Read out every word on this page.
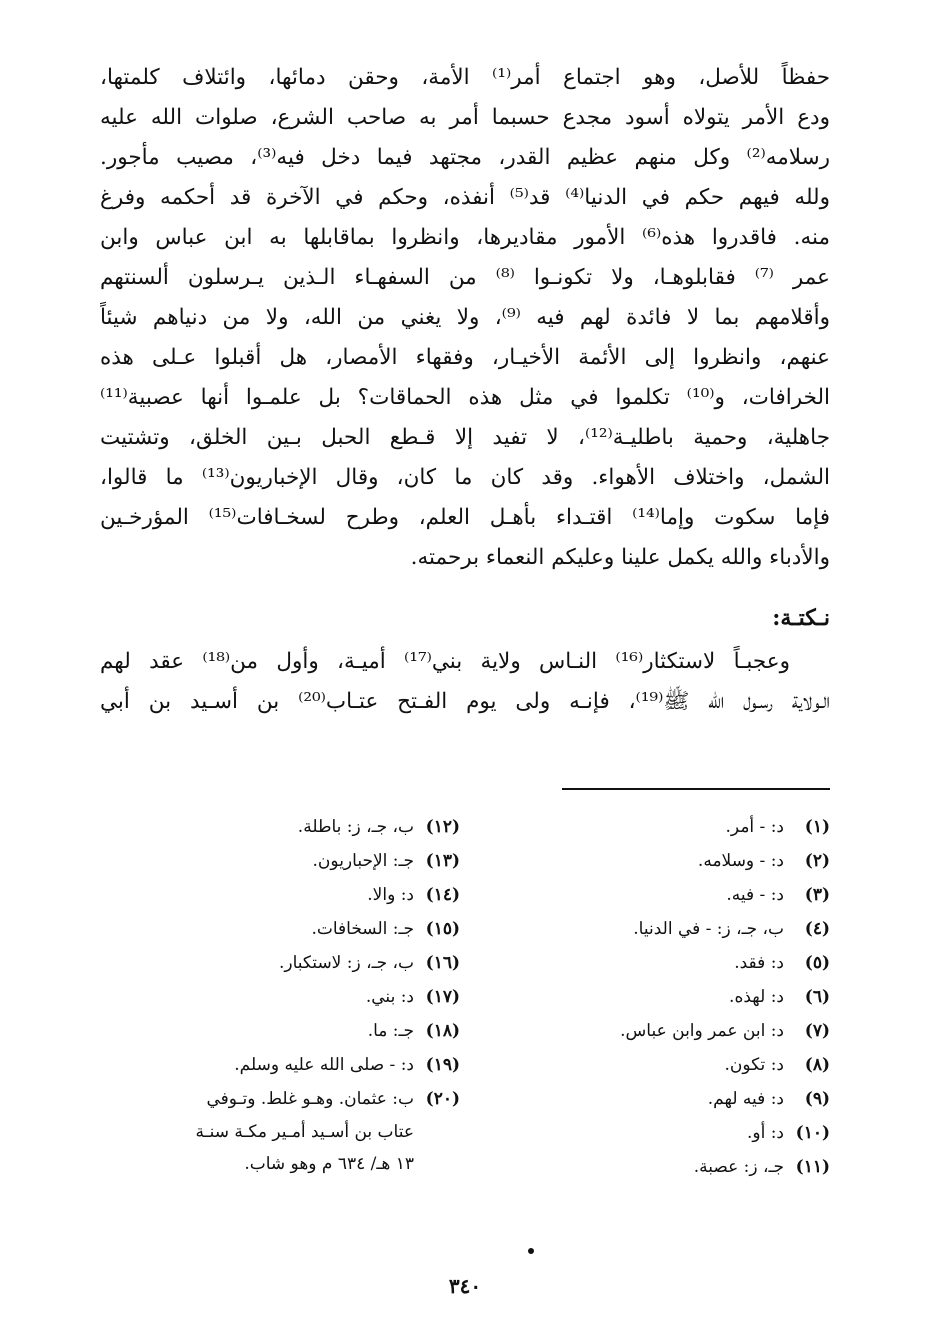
حفظاً للأصل، وهو اجتماع أمر⁽¹⁾ الأمة، وحقن دمائها، وائتلاف كلمتها،
ودع الأمر يتولاه أسود مجدع حسبما أمر به صاحب الشرع، صلوات الله عليه
رسلامه⁽²⁾ وكل منهم عظيم القدر، مجتهد فيما دخل فيه⁽³⁾، مصيب مأجور.
ولله فيهم حكم في الدنيا⁽⁴⁾ قد⁽⁵⁾ أنفذه، وحكم في الآخرة قد أحكمه وفرغ
منه. فاقدروا هذه⁽⁶⁾ الأمور مقاديرها، وانظروا بماقابلها به ابن عباس وابن
عمر ⁽⁷⁾ فقابلوهـا، ولا تكونـوا ⁽⁸⁾ من السفهـاء الـذين يـرسلون ألسنتهم
وأقلامهم بما لا فائدة لهم فيه ⁽⁹⁾، ولا يغني من الله، ولا من دنياهم شيئاً
عنهم، وانظروا إلى الأئمة الأخيـار، وفقهاء الأمصار، هل أقبلوا عـلى هذه
الخرافات، و⁽¹⁰⁾ تكلموا في مثل هذه الحماقات؟ بل علمـوا أنها عصبية⁽¹¹⁾
جاهلية، وحمية باطليـة⁽¹²⁾، لا تفيد إلا قـطع الحبل بـين الخلق، وتشتيت
الشمل، واختلاف الأهواء. وقد كان ما كان، وقال الإخباريون⁽¹³⁾ ما قالوا،
فإما سكوت وإما⁽¹⁴⁾ اقتـداء بأهـل العلم، وطرح لسخـافات⁽¹⁵⁾ المؤرخـين
والأدباء والله يكمل علينا وعليكم النعماء برحمته.
نـكتـة:
وعجبـاً لاستكثار⁽¹⁶⁾ النـاس ولاية بني⁽¹⁷⁾ أميـة، وأول من⁽¹⁸⁾ عقد لهم
الـولاية رسـول الله ﷺ⁽¹⁹⁾، فإنـه ولى يوم الفـتح عتـاب⁽²⁰⁾ بن أسـيد بن أبي
(١)د: - أمر.
(٢)د: - وسلامه.
(٣)د: - فيه.
(٤)ب، جـ، ز: - في الدنيا.
(٥)د: فقد.
(٦)د: لهذه.
(٧)د: ابن عمر وابن عباس.
(٨)د: تكون.
(٩)د: فيه لهم.
(١٠)د: أو.
(١١)جـ، ز: عصبة.
(١٢)ب، جـ، ز: باطلة.
(١٣)جـ: الإحباريون.
(١٤)د: والا.
(١٥)جـ: السخافات.
(١٦)ب، جـ، ز: لاستكبار.
(١٧)د: بني.
(١٨)جـ: ما.
(١٩)د: - صلى الله عليه وسلم.
(٢٠)ب: عثمان. وهـو غلط. وتـوفي
عتاب بن أسـيد أمـير مكـة سنـة
١٣ هـ/ ٦٣٤ م وهو شاب.
٣٤٠
